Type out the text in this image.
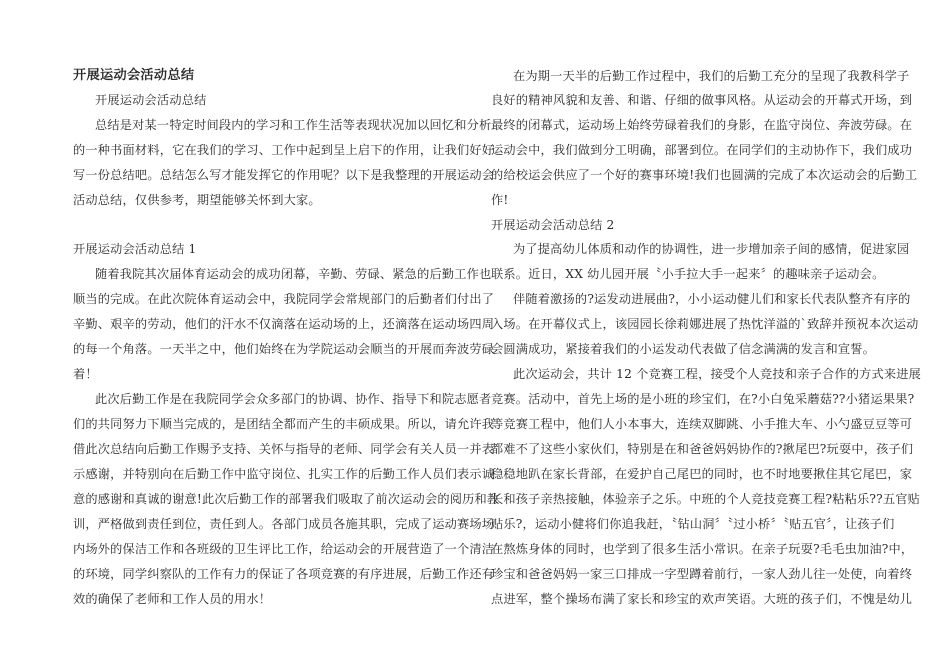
开展运动会活动总结
开展运动会活动总结
总结是对某一特定时间段内的学习和工作生活等表现状况加以回忆和分析
的一种书面材料，它在我们的学习、工作中起到呈上启下的作用，让我们好好
写一份总结吧。总结怎么写才能发挥它的作用呢？以下是我整理的开展运动会
活动总结，仅供参考，期望能够关怀到大家。
开展运动会活动总结 1
随着我院其次届体育运动会的成功闭幕，辛勤、劳碌、紧急的后勤工作也
顺当的完成。在此次院体育运动会中，我院同学会常规部门的后勤者们付出了
辛勤、艰辛的劳动，他们的汗水不仅滴落在运动场的上，还滴落在运动场四周
的每一个角落。一天半之中，他们始终在为学院运动会顺当的开展而奔波劳碌
着！
此次后勤工作是在我院同学会众多部门的协调、协作、指导下和院志愿者
们的共同努力下顺当完成的，是团结全都而产生的丰硕成果。所以，请允许我
借此次总结向后勤工作赐予支持、关怀与指导的老师、同学会有关人员一并表
示感谢，并特别向在后勤工作中监守岗位、扎实工作的后勤工作人员们表示诚
意的感谢和真诚的谢意!此次后勤工作的部署我们吸取了前次运动会的阅历和教
训，严格做到责任到位，责任到人。各部门成员各施其职，完成了运动赛场场
内场外的保洁工作和各班级的卫生评比工作，给运动会的开展营造了一个清洁
的环境，同学纠察队的工作有力的保证了各项竞赛的有序进展，后勤工作还有
效的确保了老师和工作人员的用水！
在为期一天半的后勤工作过程中，我们的后勤工充分的呈现了我教科学子
良好的精神风貌和友善、和谐、仔细的做事风格。从运动会的开幕式开场，到
最终的闭幕式，运动场上始终劳碌着我们的身影，在监守岗位、奔波劳碌。在
运动会中，我们做到分工明确，部署到位。在同学们的主动协作下，我们成功
的给校运会供应了一个好的赛事环境!我们也圆满的完成了本次运动会的后勤工
作!
开展运动会活动总结 2
为了提高幼儿体质和动作的协调性，进一步增加亲子间的感情，促进家园
联系。近日，XX 幼儿园开展〝小手拉大手一起来〞的趣味亲子运动会。
伴随着激扬的?运发动进展曲?，小小运动健儿们和家长代表队整齐有序的
入场。在开幕仪式上，该园园长徐莉娜进展了热忱洋溢的`致辞并预祝本次运动
会圆满成功，紧接着我们的小运发动代表做了信念满满的发言和宣誓。
此次运动会，共计 12 个竞赛工程，接受个人竞技和亲子合作的方式来进展
竞赛。活动中，首先上场的是小班的珍宝们，在?小白兔采蘑菇??小猪运果果?
等竞赛工程中，他们人小本事大，连续双脚跳、小手推大车、小勺盛豆豆等可
都难不了这些小家伙们，特别是在和爸爸妈妈协作的?揪尾巴?玩耍中，孩子们
稳稳地趴在家长背部，在爱护自己尾巴的同时，也不时地要揪住其它尾巴，家
长和孩子亲热接触，体验亲子之乐。中班的个人竞技竞赛工程?粘粘乐??五官贴
贴乐?，运动小健将们你追我赶，〝钻山洞〞〝过小桥〞〝贴五官〞，让孩子们
在熬炼身体的同时，也学到了很多生活小常识。在亲子玩耍?毛毛虫加油?中，
珍宝和爸爸妈妈一家三口排成一字型蹲着前行，一家人劲儿往一处使，向着终
点进军，整个操场布满了家长和珍宝的欢声笑语。大班的孩子们，不愧是幼儿
